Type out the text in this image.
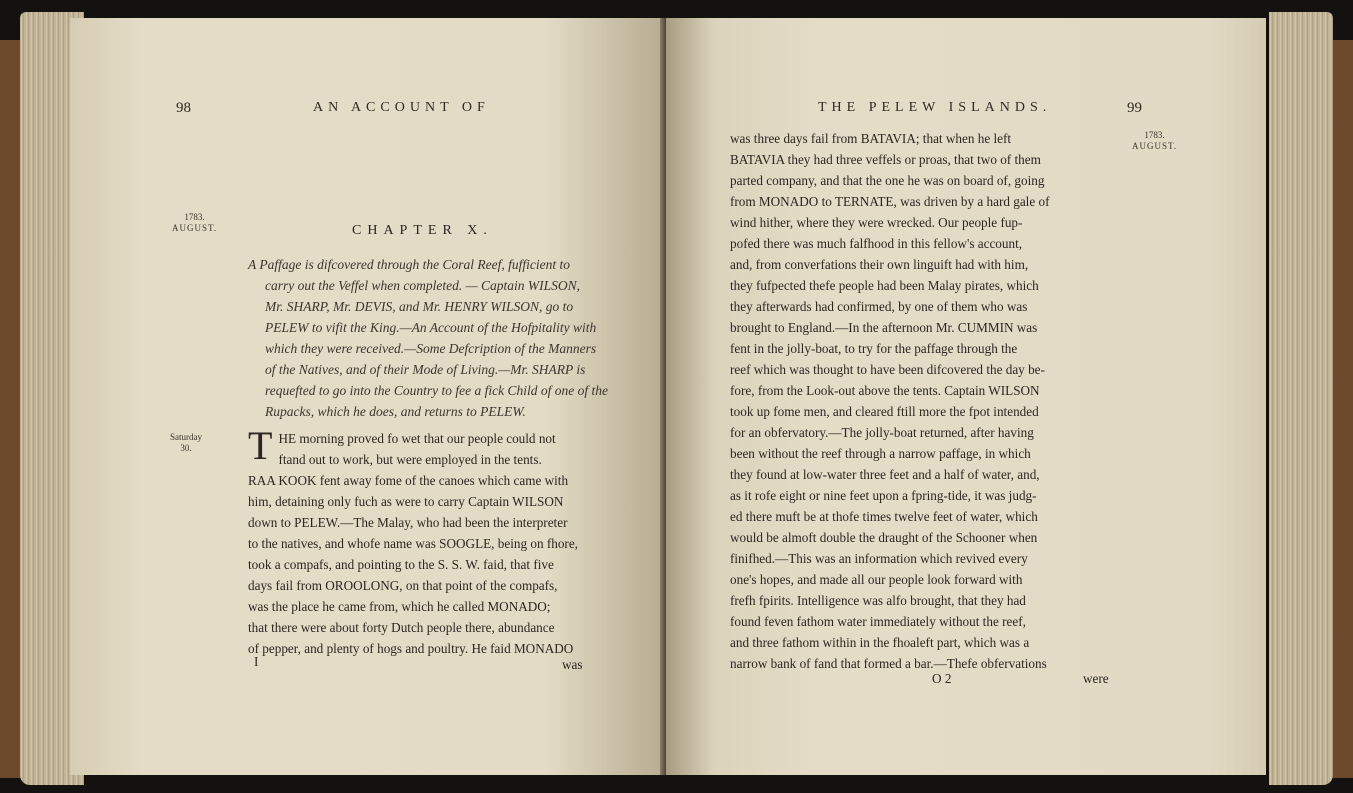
98	AN ACCOUNT OF
1783.
AUGUST.	CHAPTER X.
A Paffage is difcovered through the Coral Reef, fufficient to
carry out the Veffel when completed. — Captain WILSON,
Mr. SHARP, Mr. DEVIS, and Mr. HENRY WILSON, go to
PELEW to vifit the King.—An Account of the Hofpitality with
which they were received.—Some Defcription of the Manners
of the Natives, and of their Mode of Living.—Mr. SHARP is
requefted to go into the Country to fee a fick Child of one of the
Rupacks, which he does, and returns to PELEW.
Saturday
30. T HE morning proved fo wet that our people could not
ftand out to work, but were employed in the tents.
RAA KOOK fent away fome of the canoes which came with
him, detaining only fuch as were to carry Captain WILSON
down to PELEW.—The Malay, who had been the interpreter
to the natives, and whofe name was SOOGLE, being on fhore,
took a compafs, and pointing to the S. S. W. faid, that five
days fail from OROOLONG, on that point of the compafs,
was the place he came from, which he called MONADO;
that there were about forty Dutch people there, abundance
of pepper, and plenty of hogs and poultry. He faid MONADO
I	was
THE PELEW ISLANDS.	99
1783.
AUGUST.
was three days fail from BATAVIA; that when he left
BATAVIA they had three veffels or proas, that two of them
parted company, and that the one he was on board of, going
from MONADO to TERNATE, was driven by a hard gale of
wind hither, where they were wrecked. Our people fup-
pofed there was much falfhood in this fellow's account,
and, from converfations their own linguift had with him,
they fufpected thefe people had been Malay pirates, which
they afterwards had confirmed, by one of them who was
brought to England.—In the afternoon Mr. CUMMIN was
fent in the jolly-boat, to try for the paffage through the
reef which was thought to have been difcovered the day be-
fore, from the Look-out above the tents. Captain WILSON
took up fome men, and cleared ftill more the fpot intended
for an obfervatory.—The jolly-boat returned, after having
been without the reef through a narrow paffage, in which
they found at low-water three feet and a half of water, and,
as it rofe eight or nine feet upon a fpring-tide, it was judg-
ed there muft be at thofe times twelve feet of water, which
would be almoft double the draught of the Schooner when
finifhed.—This was an information which revived every
one's hopes, and made all our people look forward with
frefh fpirits. Intelligence was alfo brought, that they had
found feven fathom water immediately without the reef,
and three fathom within in the fhoaleft part, which was a
narrow bank of fand that formed a bar.—Thefe obfervations
O 2	were
